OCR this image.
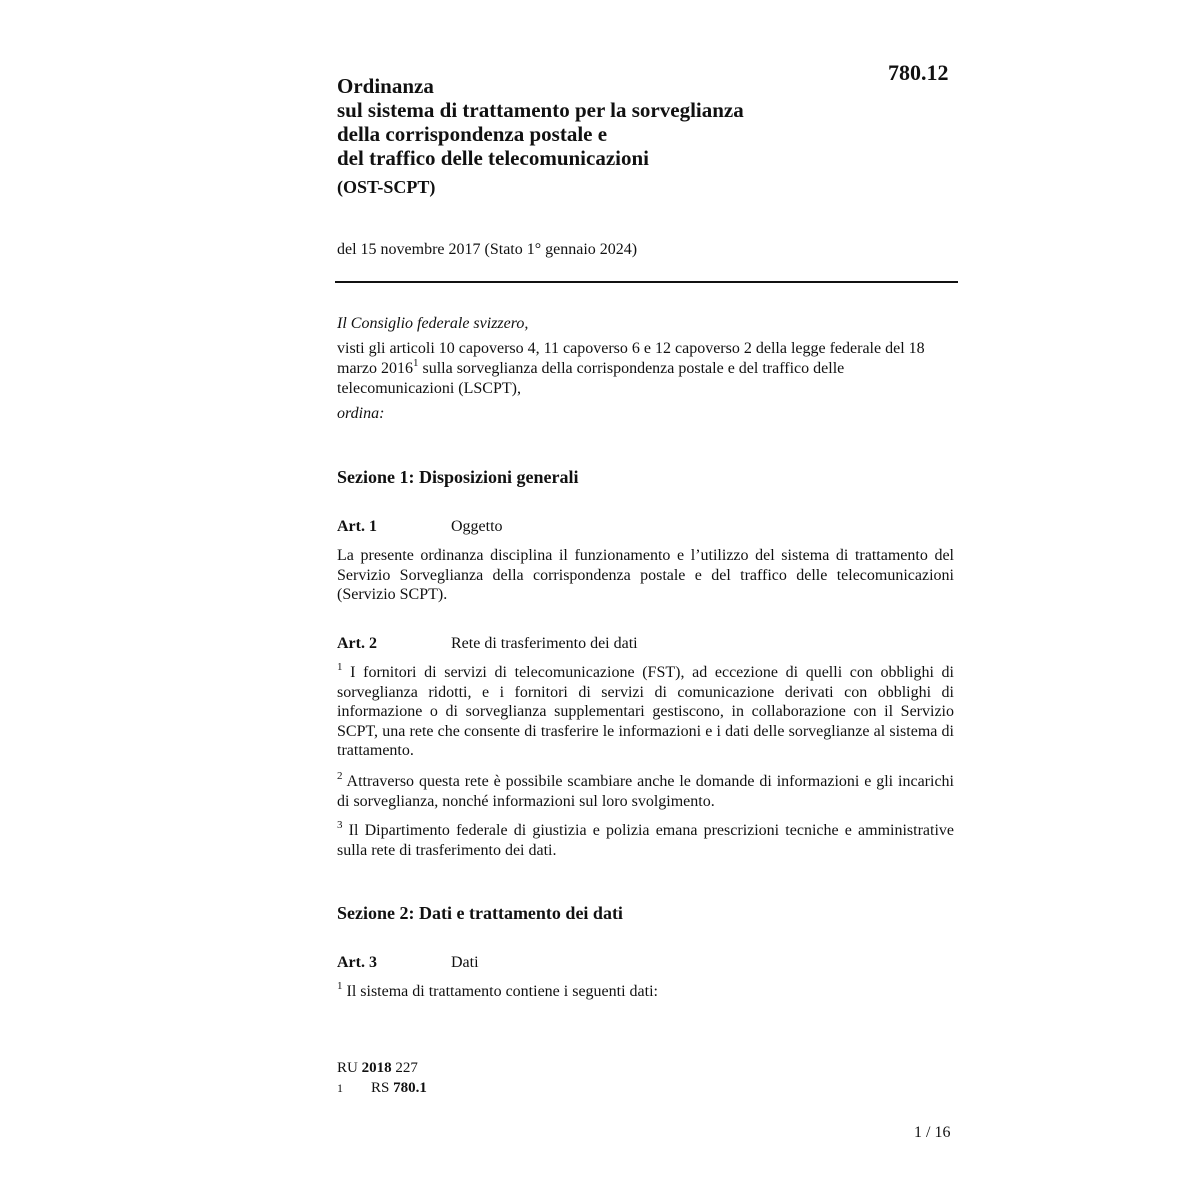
780.12
Ordinanza
sul sistema di trattamento per la sorveglianza
della corrispondenza postale e
del traffico delle telecomunicazioni
(OST-SCPT)
del 15 novembre 2017 (Stato 1° gennaio 2024)
Il Consiglio federale svizzero,
visti gli articoli 10 capoverso 4, 11 capoverso 6 e 12 capoverso 2 della legge federale del 18 marzo 2016$^1$ sulla sorveglianza della corrispondenza postale e del traffico delle telecomunicazioni (LSCPT),
ordina:
Sezione 1: Disposizioni generali
Art. 1	Oggetto
La presente ordinanza disciplina il funzionamento e l’utilizzo del sistema di trattamento del Servizio Sorveglianza della corrispondenza postale e del traffico delle telecomunicazioni (Servizio SCPT).
Art. 2	Rete di trasferimento dei dati
$^1$ I fornitori di servizi di telecomunicazione (FST), ad eccezione di quelli con obblighi di sorveglianza ridotti, e i fornitori di servizi di comunicazione derivati con obblighi di informazione o di sorveglianza supplementari gestiscono, in collaborazione con il Servizio SCPT, una rete che consente di trasferire le informazioni e i dati delle sorveglianze al sistema di trattamento.
$^2$ Attraverso questa rete è possibile scambiare anche le domande di informazioni e gli incarichi di sorveglianza, nonché informazioni sul loro svolgimento.
$^3$ Il Dipartimento federale di giustizia e polizia emana prescrizioni tecniche e amministrative sulla rete di trasferimento dei dati.
Sezione 2: Dati e trattamento dei dati
Art. 3	Dati
$^1$ Il sistema di trattamento contiene i seguenti dati:
RU 2018 227
1 RS 780.1
1 / 16
